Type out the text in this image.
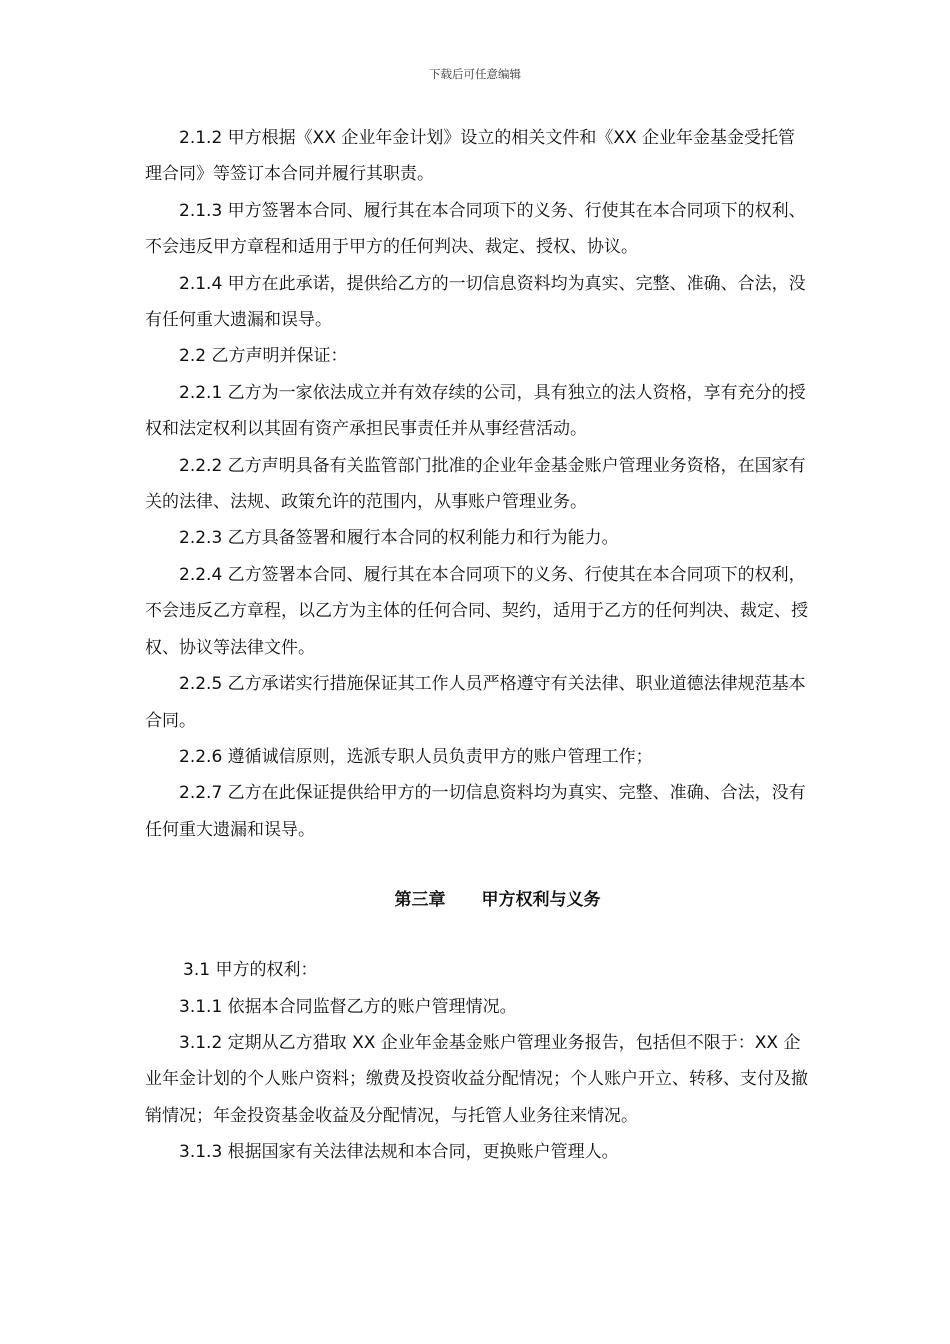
下载后可任意编辑

2.1.2 甲方根据《XX 企业年金计划》设立的相关文件和《XX 企业年金基金受托管理合同》等签订本合同并履行其职责。

2.1.3 甲方签署本合同、履行其在本合同项下的义务、行使其在本合同项下的权利、不会违反甲方章程和适用于甲方的任何判决、裁定、授权、协议。

2.1.4 甲方在此承诺，提供给乙方的一切信息资料均为真实、完整、准确、合法，没有任何重大遗漏和误导。

2.2 乙方声明并保证：

2.2.1 乙方为一家依法成立并有效存续的公司，具有独立的法人资格，享有充分的授权和法定权利以其固有资产承担民事责任并从事经营活动。

2.2.2 乙方声明具备有关监管部门批准的企业年金基金账户管理业务资格，在国家有关的法律、法规、政策允许的范围内，从事账户管理业务。

2.2.3 乙方具备签署和履行本合同的权利能力和行为能力。

2.2.4 乙方签署本合同、履行其在本合同项下的义务、行使其在本合同项下的权利，不会违反乙方章程，以乙方为主体的任何合同、契约，适用于乙方的任何判决、裁定、授权、协议等法律文件。

2.2.5 乙方承诺实行措施保证其工作人员严格遵守有关法律、职业道德法律规范基本合同。

2.2.6 遵循诚信原则，选派专职人员负责甲方的账户管理工作；

2.2.7 乙方在此保证提供给甲方的一切信息资料均为真实、完整、准确、合法，没有任何重大遗漏和误导。

第三章 甲方权利与义务

3.1 甲方的权利：

3.1.1 依据本合同监督乙方的账户管理情况。

3.1.2 定期从乙方猎取 XX 企业年金基金账户管理业务报告，包括但不限于：XX 企业年金计划的个人账户资料；缴费及投资收益分配情况；个人账户开立、转移、支付及撤销情况；年金投资基金收益及分配情况，与托管人业务往来情况。

3.1.3 根据国家有关法律法规和本合同，更换账户管理人。
